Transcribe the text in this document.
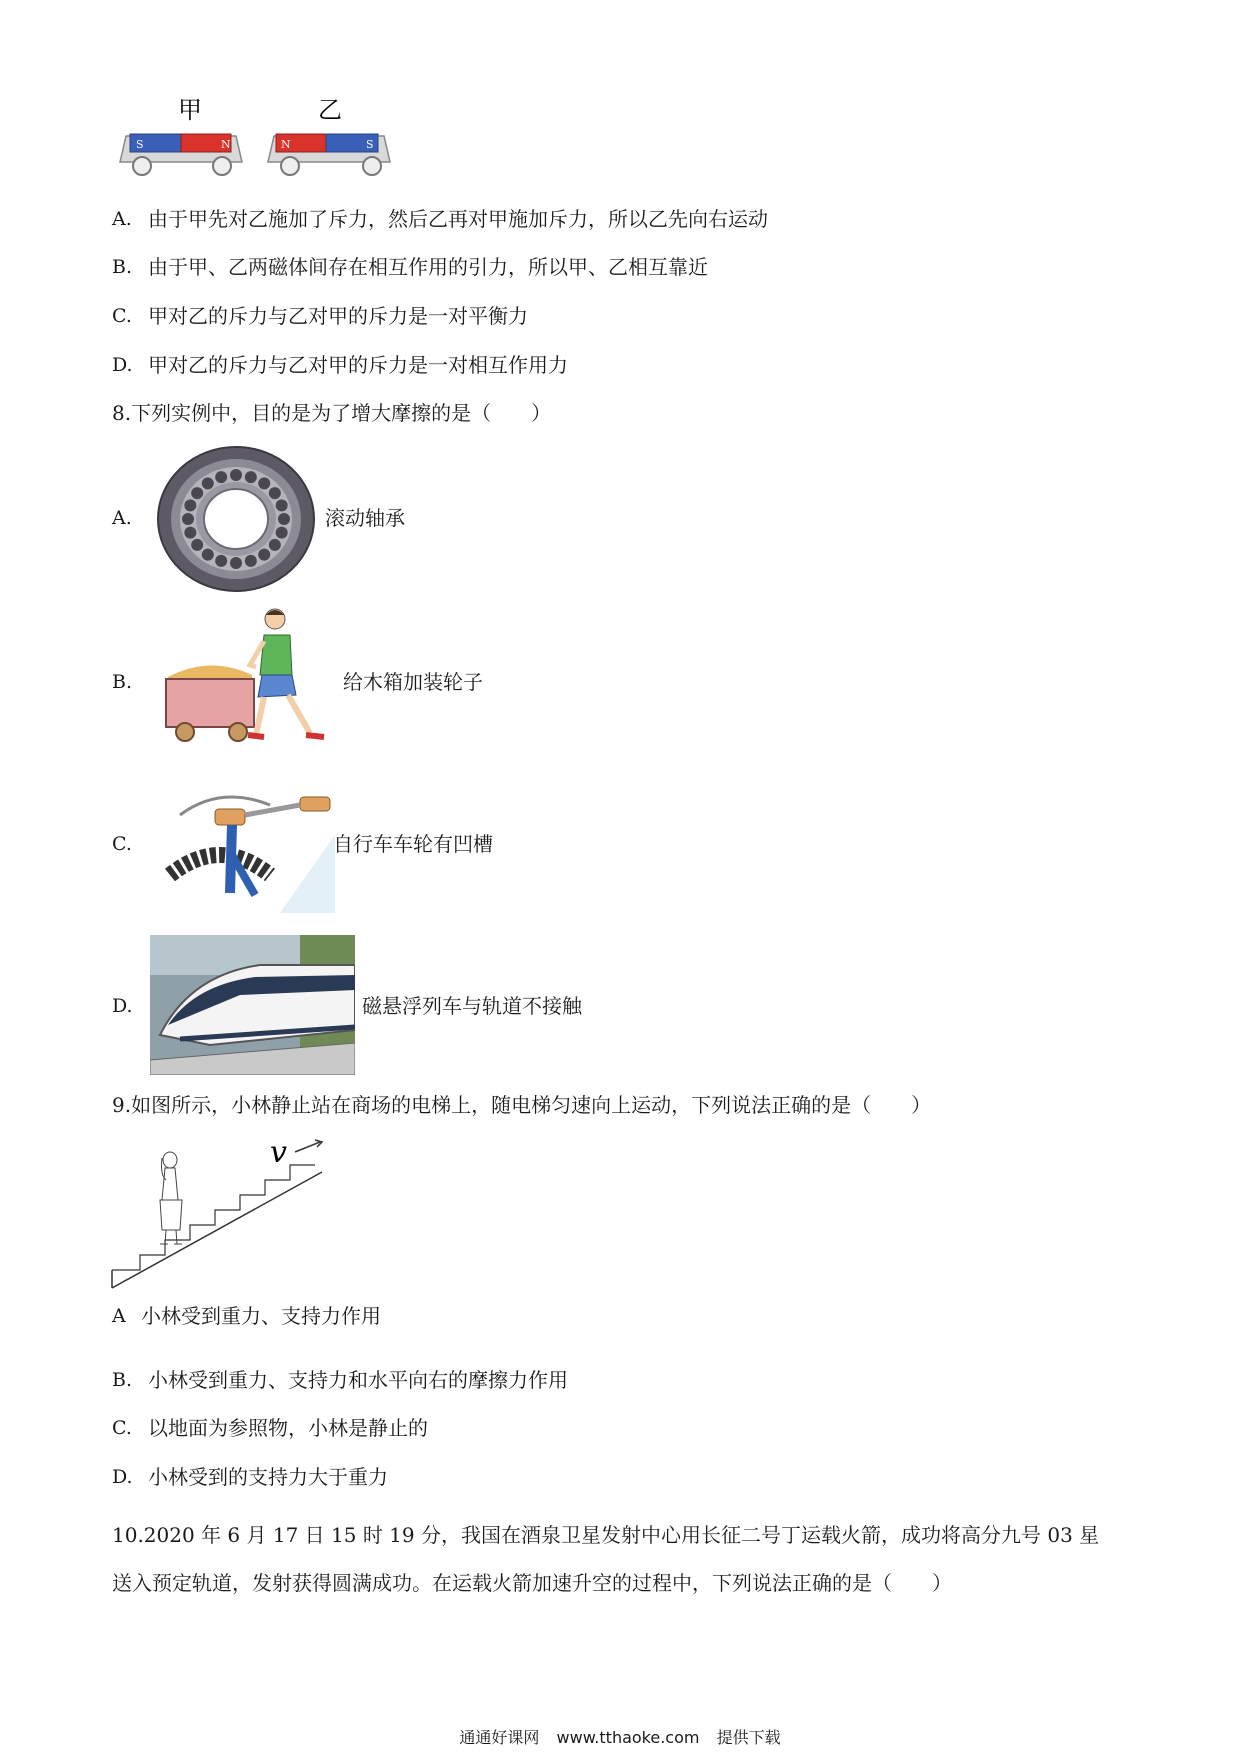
甲	乙
S	N	N	S
A. 由于甲先对乙施加了斥力，然后乙再对甲施加斥力，所以乙先向右运动
B. 由于甲、乙两磁体间存在相互作用的引力，所以甲、乙相互靠近
C. 甲对乙的斥力与乙对甲的斥力是一对平衡力
D. 甲对乙的斥力与乙对甲的斥力是一对相互作用力
8.下列实例中，目的是为了增大摩擦的是（　　）
A.	滚动轴承
B.	给木箱加装轮子
C.	自行车车轮有凹槽
D.	磁悬浮列车与轨道不接触
9.如图所示，小林静止站在商场的电梯上，随电梯匀速向上运动，下列说法正确的是（　　）
v
A 小林受到重力、支持力作用
B. 小林受到重力、支持力和水平向右的摩擦力作用
C. 以地面为参照物，小林是静止的
D. 小林受到的支持力大于重力
10.2020 年 6 月 17 日 15 时 19 分，我国在酒泉卫星发射中心用长征二号丁运载火箭，成功将高分九号 03 星
送入预定轨道，发射获得圆满成功。在运载火箭加速升空的过程中，下列说法正确的是（　　）
通通好课网 www.tthaoke.com 提供下载
